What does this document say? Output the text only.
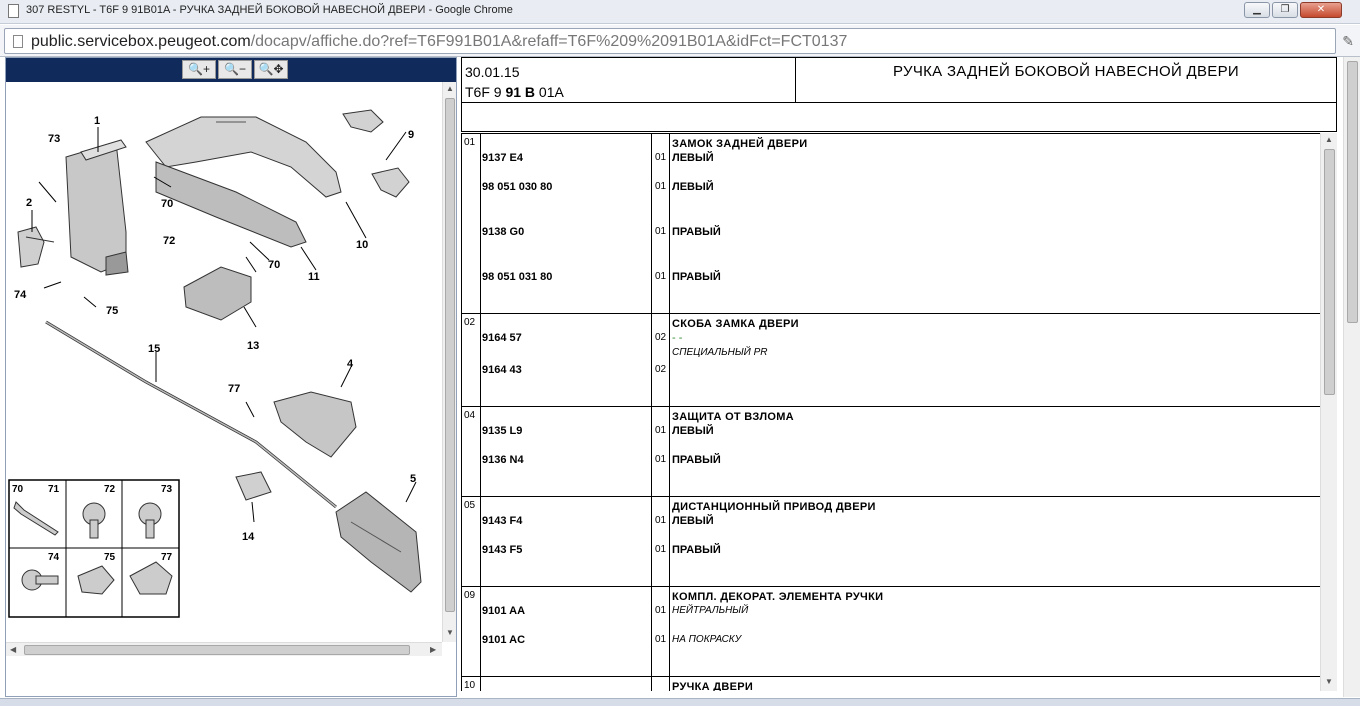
307 RESTYL - T6F 9 91B01A - РУЧКА ЗАДНЕЙ БОКОВОЙ НАВЕСНОЙ ДВЕРИ - Google Chrome	▁	❐	✕
public.servicebox.peugeot.com/docapv/affiche.do?ref=T6F991B01A&refaff=T6F%209%2091B01A&idFct=FCT0137	✎
🔍+	🔍−	🔍✥
1
2
4
5
9
10
11
13
14
15
70
70
72
73
74
75
77
70 71	72	73
74	75	77
▲
▼
◀	▶
30.01.15
T6F 9 91 B 01A
РУЧКА ЗАДНЕЙ БОКОВОЙ НАВЕСНОЙ ДВЕРИ
01	ЗАМОК ЗАДНЕЙ ДВЕРИ
9137 E4	01 ЛЕВЫЙ
98 051 030 80	01 ЛЕВЫЙ
9138 G0	01 ПРАВЫЙ
98 051 031 80	01 ПРАВЫЙ
02	СКОБА ЗАМКА ДВЕРИ
9164 57	02 - -
СПЕЦИАЛЬНЫЙ PR
9164 43	02
04	ЗАЩИТА ОТ ВЗЛОМА
9135 L9	01 ЛЕВЫЙ
9136 N4	01 ПРАВЫЙ
05	ДИСТАНЦИОННЫЙ ПРИВОД ДВЕРИ
9143 F4	01 ЛЕВЫЙ
9143 F5	01 ПРАВЫЙ
09	КОМПЛ. ДЕКОРАТ. ЭЛЕМЕНТА РУЧКИ
9101 AA	01 НЕЙТРАЛЬНЫЙ
9101 AC	01 НА ПОКРАСКУ
10	РУЧКА ДВЕРИ
▲
▼
